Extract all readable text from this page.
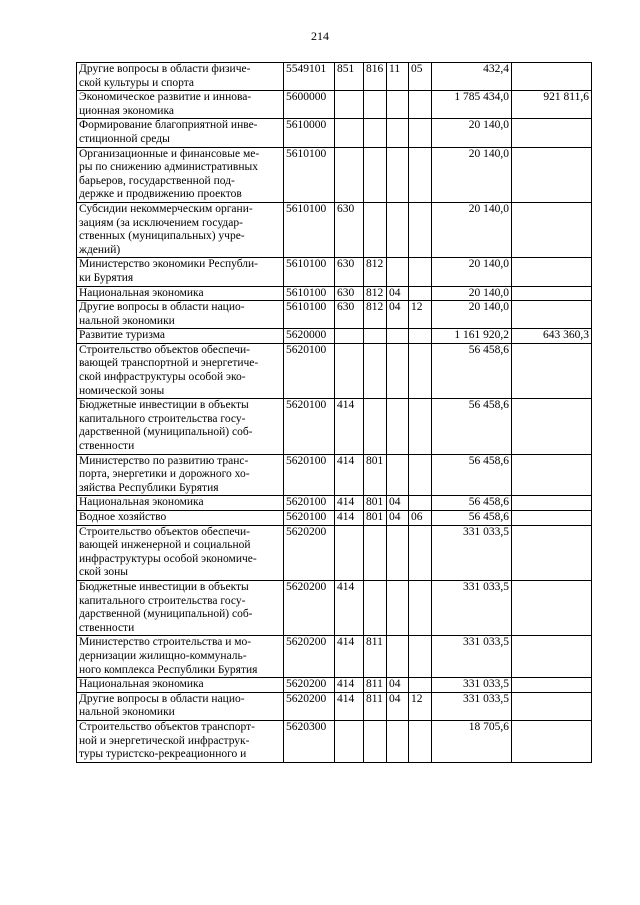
214
Другие вопросы в области физиче-
ской культуры и спорта	5549101	851	816	11	05	432,4	

Экономическое развитие и иннова-
ционная экономика	5600000					1 785 434,0	921 811,6

Формирование благоприятной инве-
стиционной среды	5610000					20 140,0	

Организационные и финансовые ме-
ры по снижению административных
барьеров, государственной под-
держке и продвижению проектов	5610100					20 140,0	

Субсидии некоммерческим органи-
зациям (за исключением государ-
ственных (муниципальных) учре-
ждений)	5610100	630				20 140,0	

Министерство экономики Республи-
ки Бурятия	5610100	630	812			20 140,0	

Национальная экономика	5610100	630	812	04		20 140,0	

Другие вопросы в области нацио-
нальной экономики	5610100	630	812	04	12	20 140,0	

Развитие туризма	5620000					1 161 920,2	643 360,3

Строительство объектов обеспечи-
вающей транспортной и энергетиче-
ской инфраструктуры особой эко-
номической зоны	5620100					56 458,6	

Бюджетные инвестиции в объекты
капитального строительства госу-
дарственной (муниципальной) соб-
ственности	5620100	414				56 458,6	

Министерство по развитию транс-
порта, энергетики и дорожного хо-
зяйства Республики Бурятия	5620100	414	801			56 458,6	

Национальная экономика	5620100	414	801	04		56 458,6	

Водное хозяйство	5620100	414	801	04	06	56 458,6	

Строительство объектов обеспечи-
вающей инженерной и социальной
инфраструктуры особой экономиче-
ской зоны	5620200					331 033,5	

Бюджетные инвестиции в объекты
капитального строительства госу-
дарственной (муниципальной) соб-
ственности	5620200	414				331 033,5	

Министерство строительства и мо-
дернизации жилищно-коммуналь-
ного комплекса Республики Бурятия	5620200	414	811			331 033,5	

Национальная экономика	5620200	414	811	04		331 033,5	

Другие вопросы в области нацио-
нальной экономики	5620200	414	811	04	12	331 033,5	

Строительство объектов транспорт-
ной и энергетической инфраструк-
туры туристско-рекреационного и	5620300					18 705,6	
